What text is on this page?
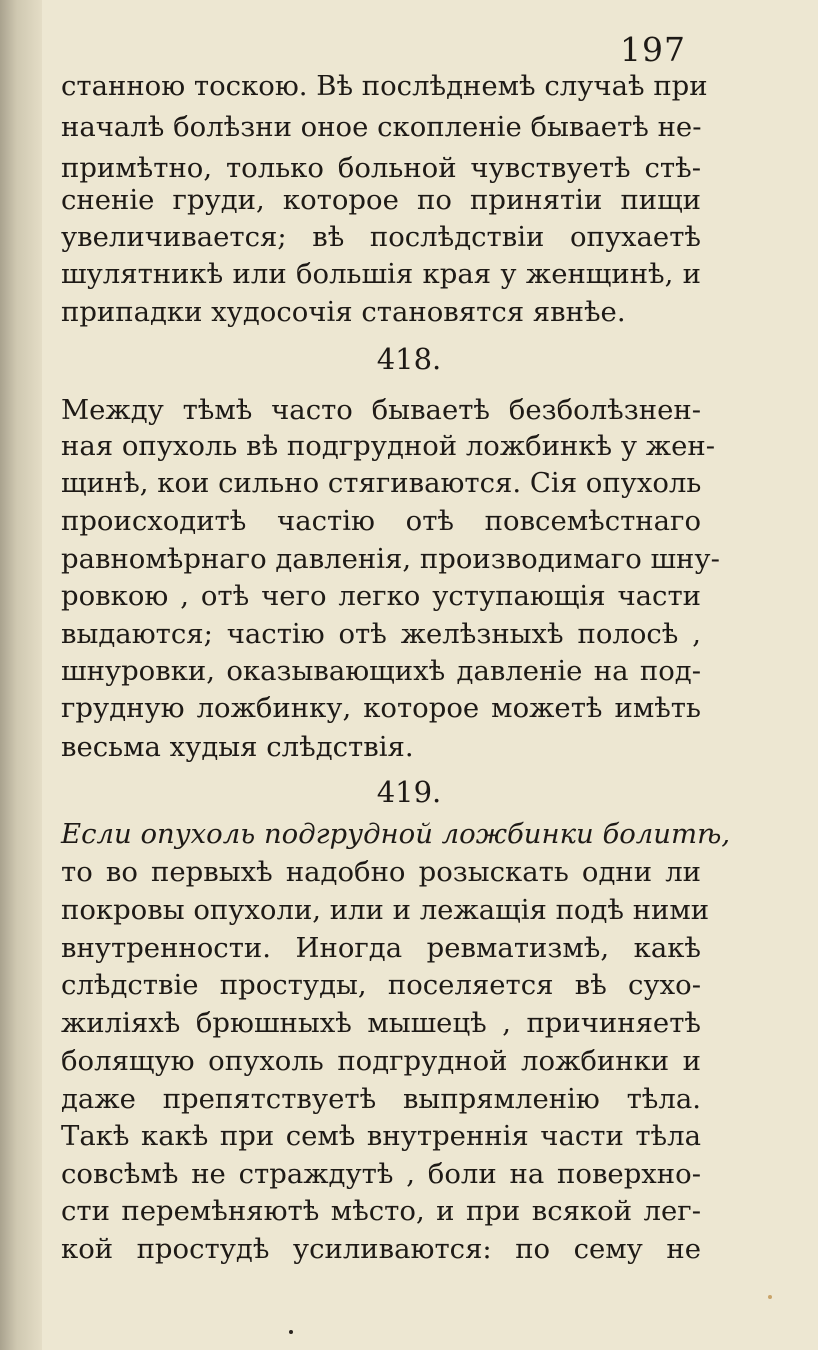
197
станною тоскою. Вѣ послѣднемѣ случаѣ при
началѣ болѣзни оное скопленіе бываетѣ не-
примѣтно, только больной чувствуетѣ стѣ-
сненіе груди, которое по принятіи пищи
увеличивается; вѣ послѣдствіи опухаетѣ
шулятникѣ или большія края у женщинѣ, и
припадки худосочія становятся явнѣе.
418.
Между тѣмѣ часто бываетѣ безболѣзнен-
ная опухоль вѣ подгрудной ложбинкѣ у жен-
щинѣ, кои сильно стягиваются. Сія опухоль
происходитѣ частію отѣ повсемѣстнаго
равномѣрнаго давленія, производимаго шну-
ровкою , отѣ чего легко уступающія части
выдаются; частію отѣ желѣзныхѣ полосѣ ,
шнуровки, оказывающихѣ давленіе на под-
грудную ложбинку, которое можетѣ имѣть
весьма худыя слѣдствія.
419.
Если опухоль подгрудной ложбинки болитѣ,
то во первыхѣ надобно розыскать одни ли
покровы опухоли, или и лежащія подѣ ними
внутренности. Иногда ревматизмѣ, какѣ
слѣдствіе простуды, поселяется вѣ сухо-
жиліяхѣ брюшныхѣ мышецѣ , причиняетѣ
болящую опухоль подгрудной ложбинки и
даже препятствуетѣ выпрямленію тѣла.
Такѣ какѣ при семѣ внутреннія части тѣла
совсѣмѣ не страждутѣ , боли на поверхно-
сти перемѣняютѣ мѣсто, и при всякой лег-
кой простудѣ усиливаются: по сему не
